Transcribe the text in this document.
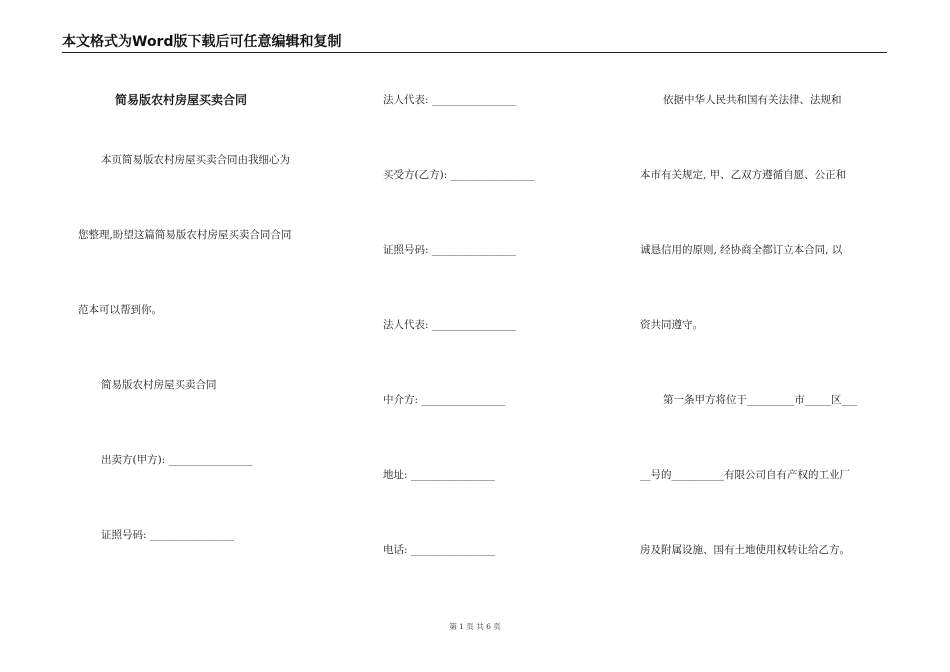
本文格式为Word版下载后可任意编辑和复制
简易版农村房屋买卖合同
本页简易版农村房屋买卖合同由我细心为
您整理,盼望这篇简易版农村房屋买卖合同合同
范本可以帮到你。
简易版农村房屋买卖合同
出卖方(甲方): ________________
证照号码: ________________
法人代表: ________________
买受方(乙方): ________________
证照号码: ________________
法人代表: ________________
中介方: ________________
地址: ________________
电话: ________________
依据中华人民共和国有关法律、法规和
本市有关规定, 甲、乙双方遵循自愿、公正和
诚恳信用的原则, 经协商全都订立本合同, 以
资共同遵守。
第一条甲方将位于_________市_____区___
__号的__________有限公司自有产权的工业厂
房及附属设施、国有土地使用权转让给乙方。
第 1 页 共 6 页
